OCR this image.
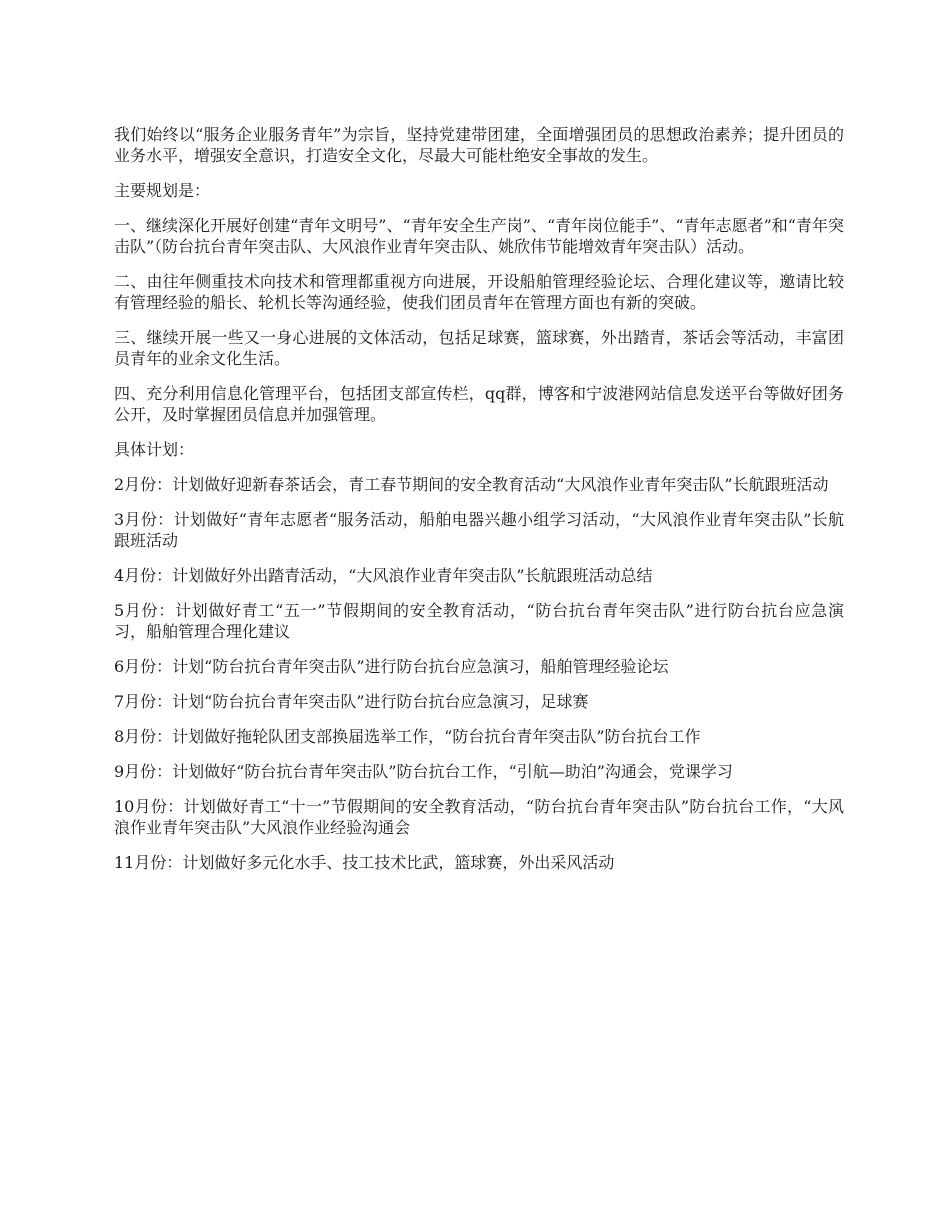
我们始终以“服务企业服务青年”为宗旨，坚持党建带团建，全面增强团员的思想政治素养；提升团员的业务水平，增强安全意识，打造安全文化，尽最大可能杜绝安全事故的发生。

主要规划是：

一、继续深化开展好创建“青年文明号”、“青年安全生产岗”、“青年岗位能手”、“青年志愿者”和“青年突击队”（防台抗台青年突击队、大风浪作业青年突击队、姚欣伟节能增效青年突击队）活动。

二、由往年侧重技术向技术和管理都重视方向进展，开设船舶管理经验论坛、合理化建议等，邀请比较有管理经验的船长、轮机长等沟通经验，使我们团员青年在管理方面也有新的突破。

三、继续开展一些又一身心进展的文体活动，包括足球赛，篮球赛，外出踏青，茶话会等活动，丰富团员青年的业余文化生活。

四、充分利用信息化管理平台，包括团支部宣传栏，qq群，博客和宁波港网站信息发送平台等做好团务公开，及时掌握团员信息并加强管理。

具体计划：

2月份：计划做好迎新春茶话会，青工春节期间的安全教育活动“大风浪作业青年突击队”长航跟班活动

3月份：计划做好“青年志愿者“服务活动，船舶电器兴趣小组学习活动，“大风浪作业青年突击队”长航跟班活动

4月份：计划做好外出踏青活动，“大风浪作业青年突击队”长航跟班活动总结

5月份：计划做好青工“五一”节假期间的安全教育活动，“防台抗台青年突击队”进行防台抗台应急演习，船舶管理合理化建议

6月份：计划“防台抗台青年突击队”进行防台抗台应急演习，船舶管理经验论坛

7月份：计划“防台抗台青年突击队”进行防台抗台应急演习，足球赛

8月份：计划做好拖轮队团支部换届选举工作，“防台抗台青年突击队”防台抗台工作

9月份：计划做好“防台抗台青年突击队”防台抗台工作，“引航—助泊”沟通会，党课学习

10月份：计划做好青工“十一”节假期间的安全教育活动，“防台抗台青年突击队”防台抗台工作，“大风浪作业青年突击队”大风浪作业经验沟通会

11月份：计划做好多元化水手、技工技术比武，篮球赛，外出采风活动
